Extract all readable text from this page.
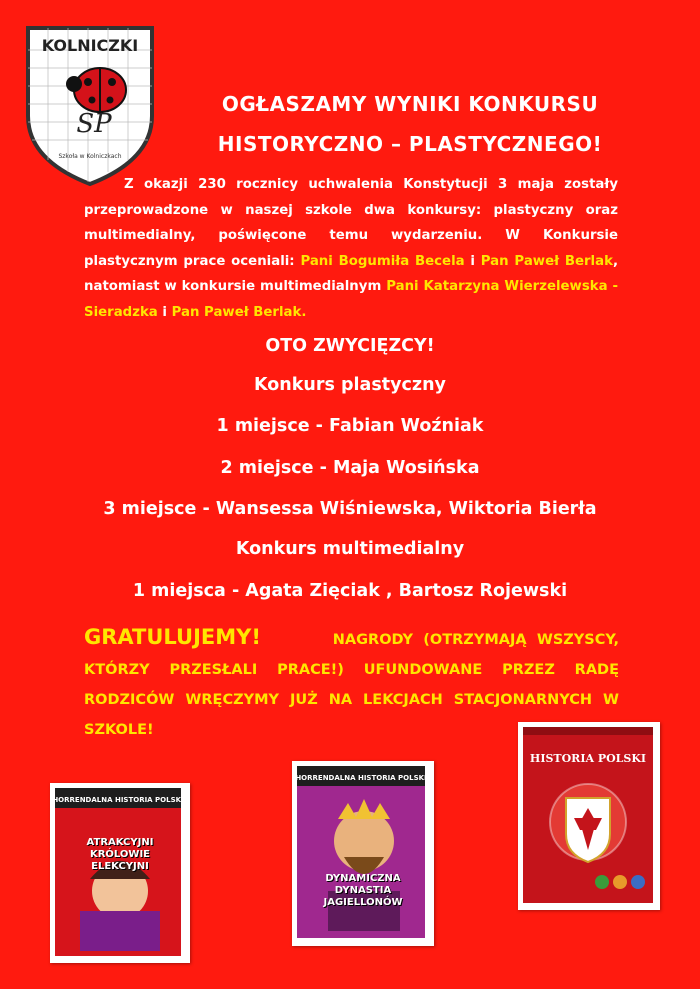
KOLNICZKI
SP
Szkoła w Kolniczkach
OGŁASZAMY WYNIKI KONKURSU
HISTORYCZNO – PLASTYCZNEGO!
Z okazji 230 rocznicy uchwalenia Konstytucji 3 maja zostały przeprowadzone w naszej szkole dwa konkursy: plastyczny oraz multimedialny, poświęcone temu wydarzeniu. W Konkursie plastycznym prace oceniali: Pani Bogumiła Becela i Pan Paweł Berlak, natomiast w konkursie multimedialnym Pani Katarzyna Wierzelewska - Sieradzka i Pan Paweł Berlak.
OTO ZWYCIĘZCY!
Konkurs plastyczny
1 miejsce - Fabian Woźniak
2 miejsce - Maja Wosińska
3 miejsce - Wansessa Wiśniewska, Wiktoria Bierła
Konkurs multimedialny
1 miejsca - Agata Zięciak , Bartosz Rojewski
GRATULUJEMY!	NAGRODY (OTRZYMAJĄ WSZYSCY, KTÓRZY PRZESŁALI PRACE!) UFUNDOWANE PRZEZ RADĘ RODZICÓW WRĘCZYMY JUŻ NA LEKCJACH STACJONARNYCH W SZKOLE!
HORRENDALNA HISTORIA POLSKI
ATRAKCYJNI KRÓLOWIE ELEKCYJNI
HORRENDALNA HISTORIA POLSKI
DYNAMICZNA DYNASTIA JAGIELLONÓW
HISTORIA POLSKI
